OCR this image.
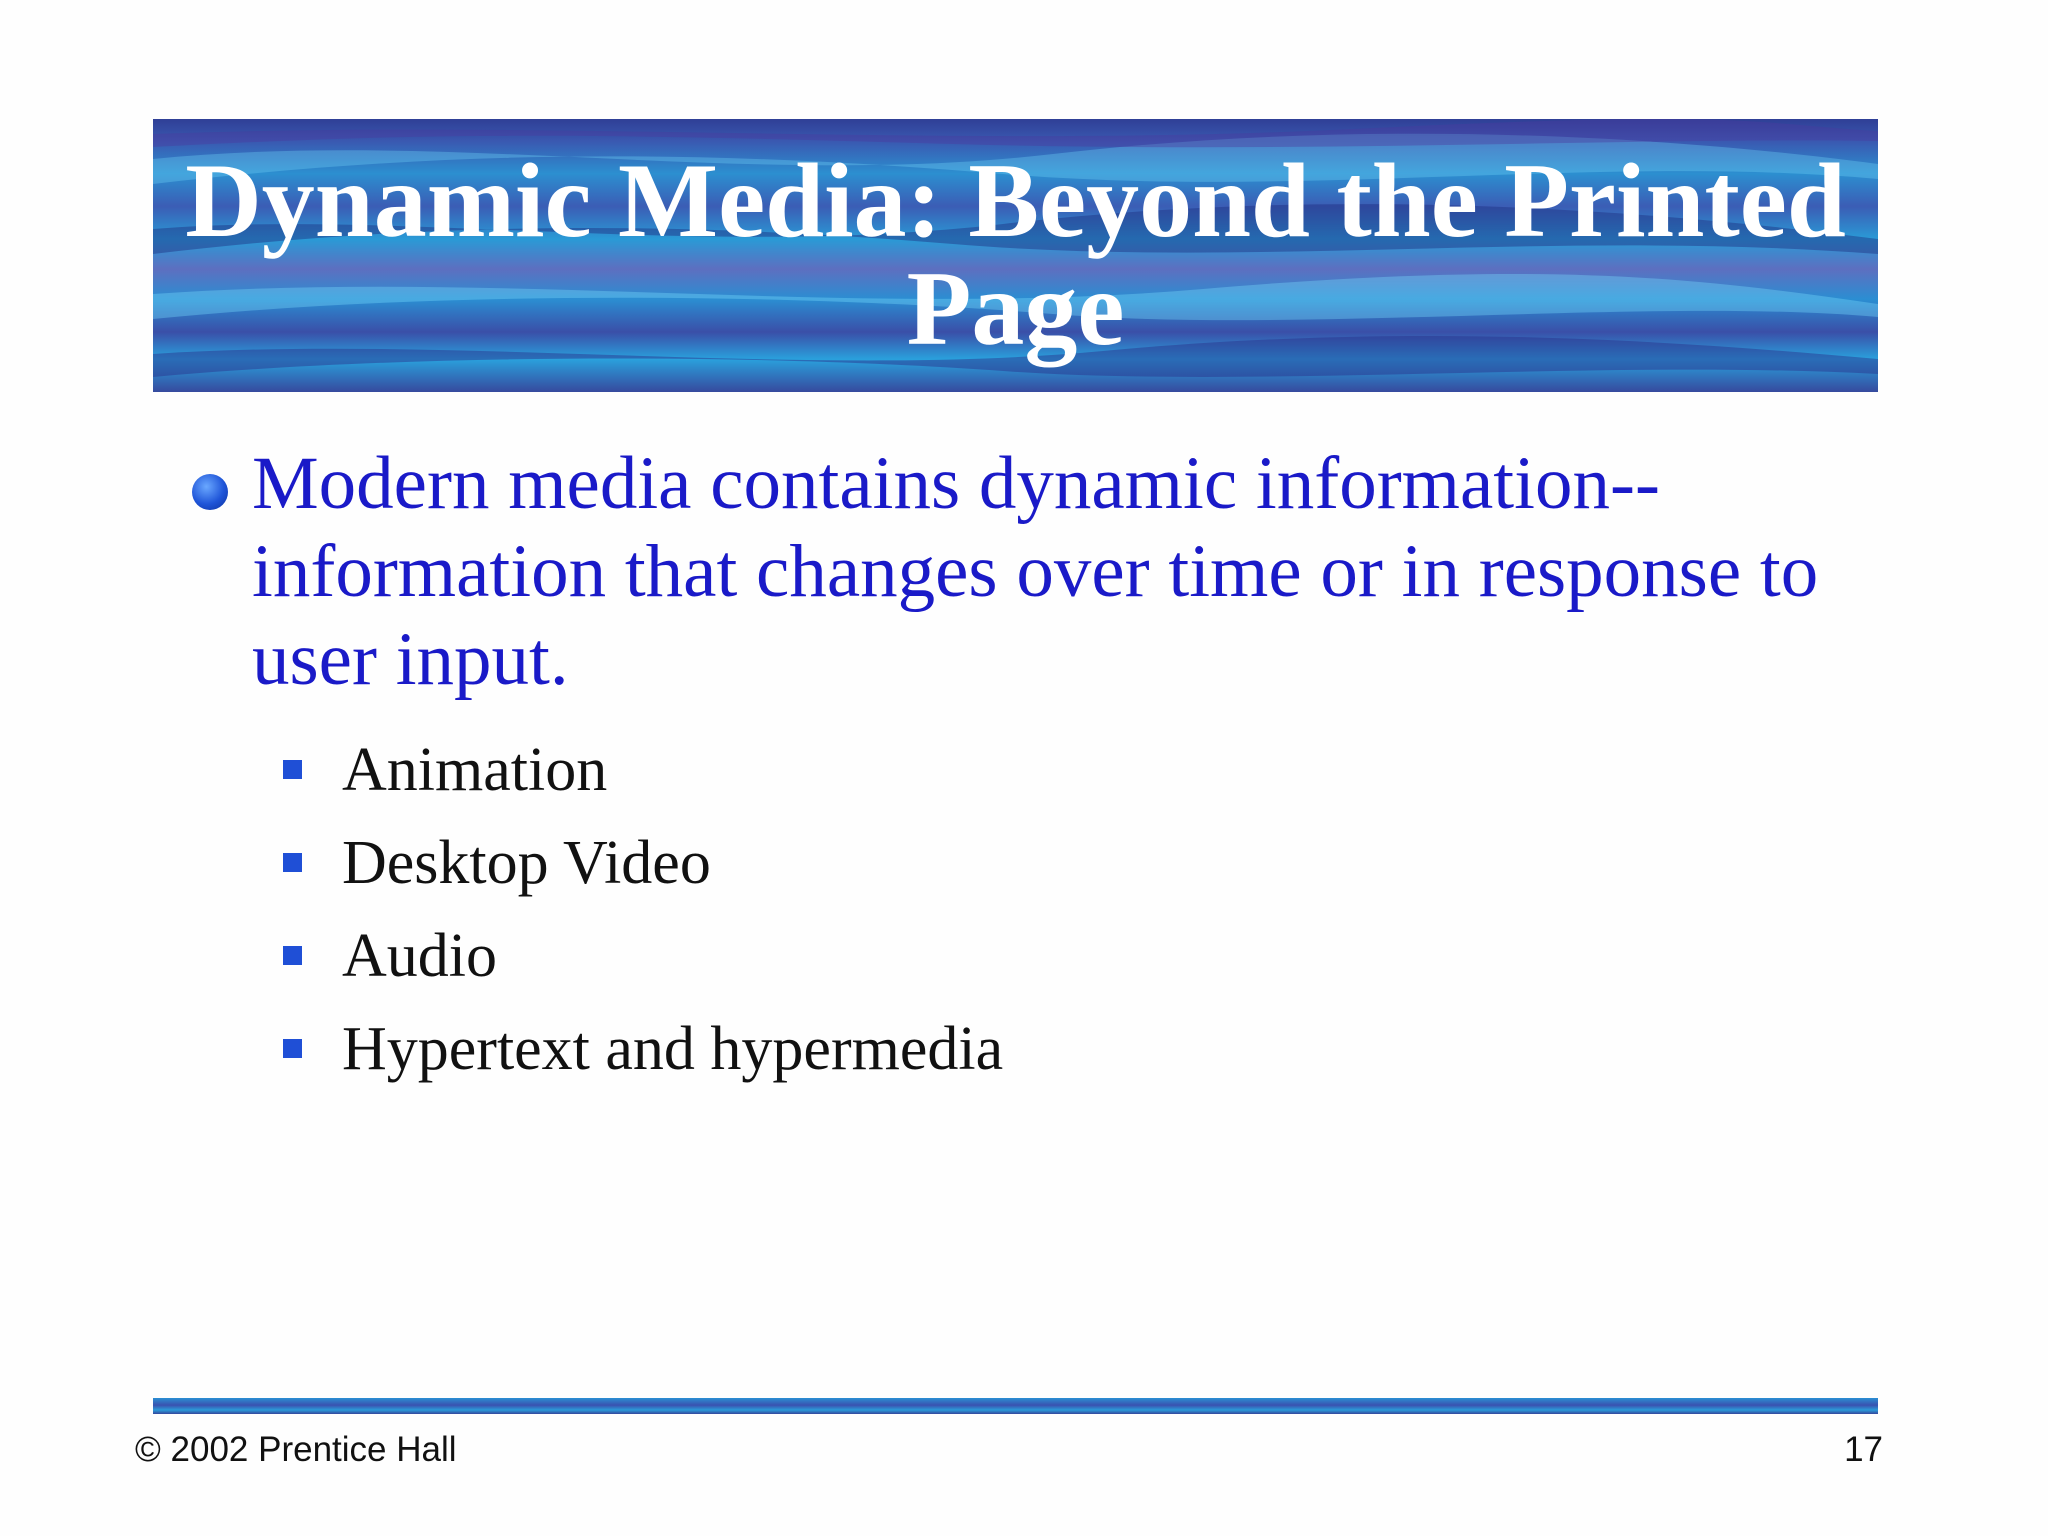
Dynamic Media: Beyond the Printed Page
Modern media contains dynamic information--information that changes over time or in response to user input.
Animation
Desktop Video
Audio
Hypertext and hypermedia
© 2002 Prentice Hall	17
